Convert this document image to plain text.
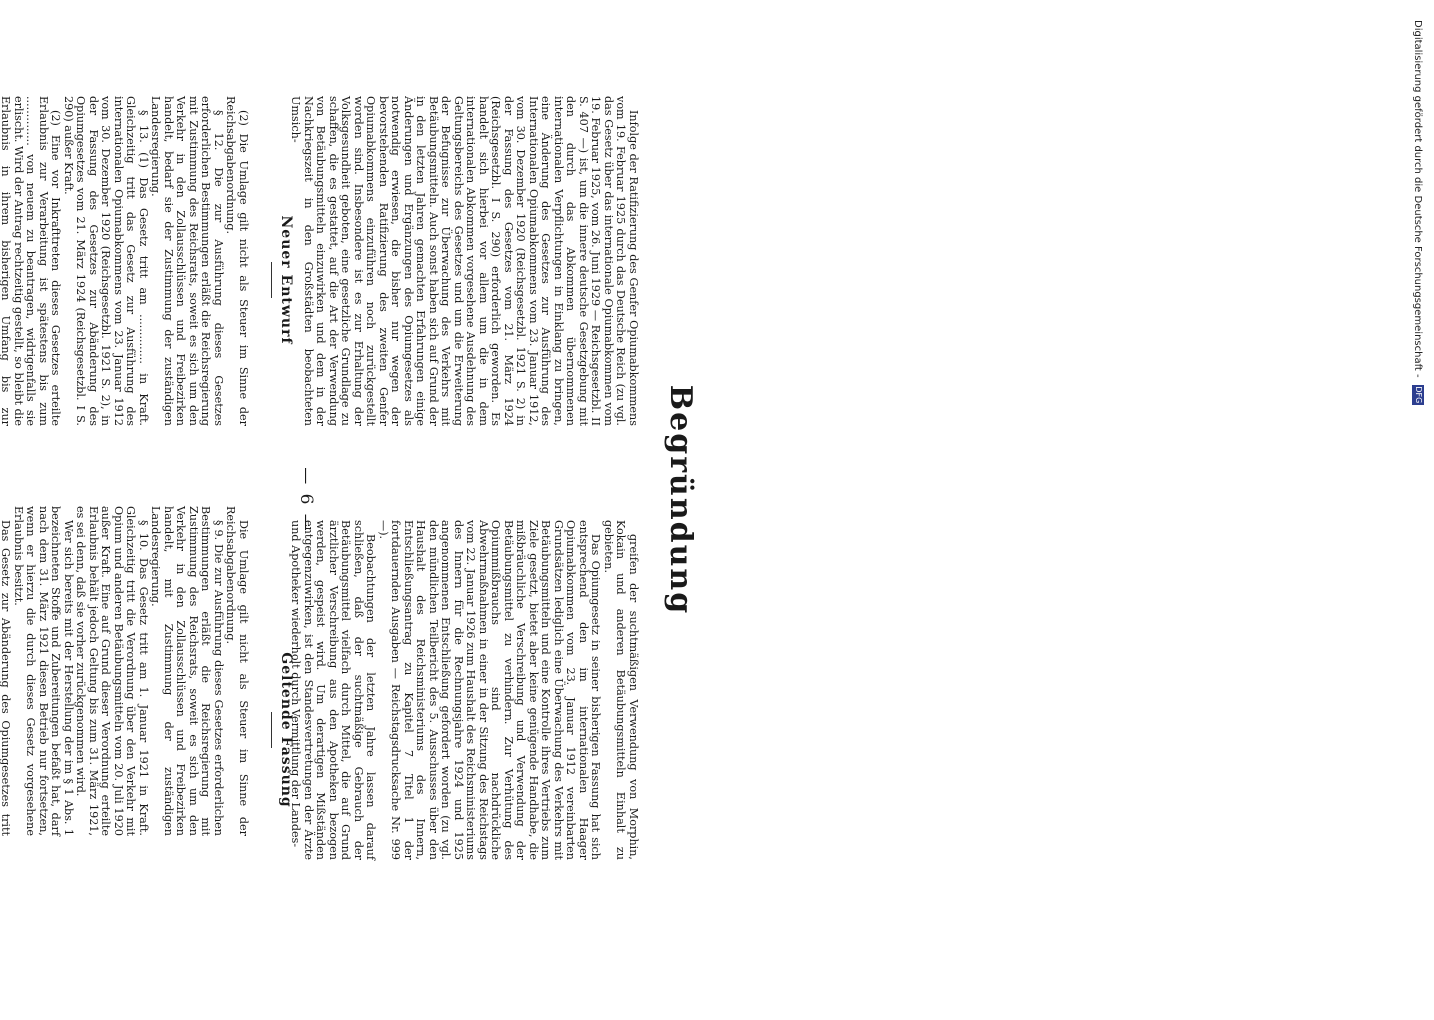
Digitalisierung gefördert durch die Deutsche Forschungsgemeinschaft - DFG
— 6 —
Neuer Entwurf
Geltende Fassung

(2) Die Umlage gilt nicht als Steuer im Sinne der Reichsabgabenordnung.

§ 12. Die zur Ausführung dieses Gesetzes erforderlichen Bestimmungen erläßt die Reichsregierung mit Zustimmung des Reichsrats, soweit es sich um den Verkehr in den Zollausschlüssen und Freibezirken handelt, bedarf sie der Zustimmung der zuständigen Landesregierung.

§ 13. (1) Das Gesetz tritt am .............. in Kraft. Gleichzeitig tritt das Gesetz zur Ausführung des internationalen Opiumabkommens vom 23. Januar 1912 vom 30. Dezember 1920 (Reichsgesetzbl. 1921 S. 2), in der Fassung des Gesetzes zur Abänderung des Opiumgesetzes vom 21. März 1924 (Reichsgesetzbl. I S. 290) außer Kraft.

(2) Eine vor Inkrafttreten dieses Gesetzes erteilte Erlaubnis zur Verarbeitung ist spätestens bis zum .............. von neuem zu beantragen, widrigenfalls sie erlischt. Wird der Antrag rechtzeitig gestellt, so bleibt die Erlaubnis in ihrem bisherigen Umfang bis zur

Die Umlage gilt nicht als Steuer im Sinne der Reichsabgabenordnung.

§ 9. Die zur Ausführung dieses Gesetzes erforderlichen Bestimmungen erläßt die Reichsregierung mit Zustimmung des Reichsrats, soweit es sich um den Verkehr in den Zollausschlüssen und Freibezirken handelt, mit Zustimmung der zuständigen Landesregierung.

§ 10. Das Gesetz tritt am 1. Januar 1921 in Kraft. Gleichzeitig tritt die Verordnung über den Verkehr mit Opium und anderen Betäubungsmitteln vom 20. Juli 1920 außer Kraft. Eine auf Grund dieser Verordnung erteilte Erlaubnis behält jedoch Geltung bis zum 31. März 1921, es sei denn, daß sie vorher zurückgenommen wird.

Wer sich bereits mit der Herstellung der im § 1 Abs. 1 bezeichneten Stoffe und Zubereitungen befaßt hat, darf nach dem 31. März 1921 diesen Betrieb nur fortsetzen, wenn er hierzu die durch dieses Gesetz vorgesehene Erlaubnis besitzt.

Das Gesetz zur Abänderung des Opiumgesetzes tritt

Begründung

Infolge der Ratifizierung des Genfer Opiumabkommens vom 19. Februar 1925 durch das Deutsche Reich (zu vgl. das Gesetz über das internationale Opiumabkommen vom 19. Februar 1925, vom 26. Juni 1929 — Reichsgesetzbl. II S. 407 —) ist, um die innere deutsche Gesetzgebung mit den durch das Abkommen übernommenen internationalen Verpflichtungen in Einklang zu bringen, eine Änderung des Gesetzes zur Ausführung des Internationalen Opiumabkommens vom 23. Januar 1912, vom 30. Dezember 1920 (Reichsgesetzbl. 1921 S. 2) in der Fassung des Gesetzes vom 21. März 1924 (Reichsgesetzbl. I S. 290) erforderlich geworden. Es handelt sich hierbei vor allem um die in dem internationalen Abkommen vorgesehene Ausdehnung des Geltungsbereichs des Gesetzes und um die Erweiterung der Befugnisse zur Überwachung des Verkehrs mit Betäubungsmitteln. Auch sonst haben sich auf Grund der in den letzten Jahren gemachten Erfahrungen einige Änderungen und Ergänzungen des Opiumgesetzes als notwendig erwiesen, die bisher nur wegen der bevorstehenden Ratifizierung des zweiten Genfer Opiumabkommens einzuführen noch zurückgestellt worden sind. Insbesondere ist es zur Erhaltung der Volksgesundheit geboten, eine gesetzliche Grundlage zu schaffen, die es gestattet, auf die Art der Verwendung von Betäubungsmitteln einzuwirken und dem in der Nachkriegszeit in den Großstädten beobachteten Umsich-

greifen der suchtmäßigen Verwendung von Morphin, Kokain und anderen Betäubungsmitteln Einhalt zu gebieten.

Das Opiumgesetz in seiner bisherigen Fassung hat sich entsprechend den im internationalen Haager Opiumabkommen vom 23. Januar 1912 vereinbarten Grundsätzen lediglich eine Überwachung des Verkehrs mit Betäubungsmitteln und eine Kontrolle ihres Vertriebs zum Ziele gesetzt, bietet aber keine genügende Handhabe, die mißbräuchliche Verschreibung und Verwendung der Betäubungsmittel zu verhindern. Zur Verhütung des Opiummißbrauchs sind nachdrückliche Abwehrmaßnahmen in einer in der Sitzung des Reichstags vom 22. Januar 1926 zum Haushalt des Reichsministeriums des Innern für die Rechnungsjahre 1924 und 1925 angenommenen Entschließung gefordert worden (zu vgl. den mündlichen Teilbericht des 5. Ausschusses über den Haushalt des Reichsministeriums des Innern, Entschließungsantrag zu Kapitel 7 Titel 1 der fortdauernden Ausgaben — Reichstagsdrucksache Nr. 999 —).

Beobachtungen der letzten Jahre lassen darauf schließen, daß der suchtmäßige Gebrauch der Betäubungsmittel vielfach durch Mittel, die auf Grund ärztlicher Verschreibung aus den Apotheken bezogen werden, gespeist wird. Um derartigen Mißständen entgegenzuwirken, ist den Standesvertretungen der Ärzte und Apotheker wiederholt durch Vermittlung der Landes-
